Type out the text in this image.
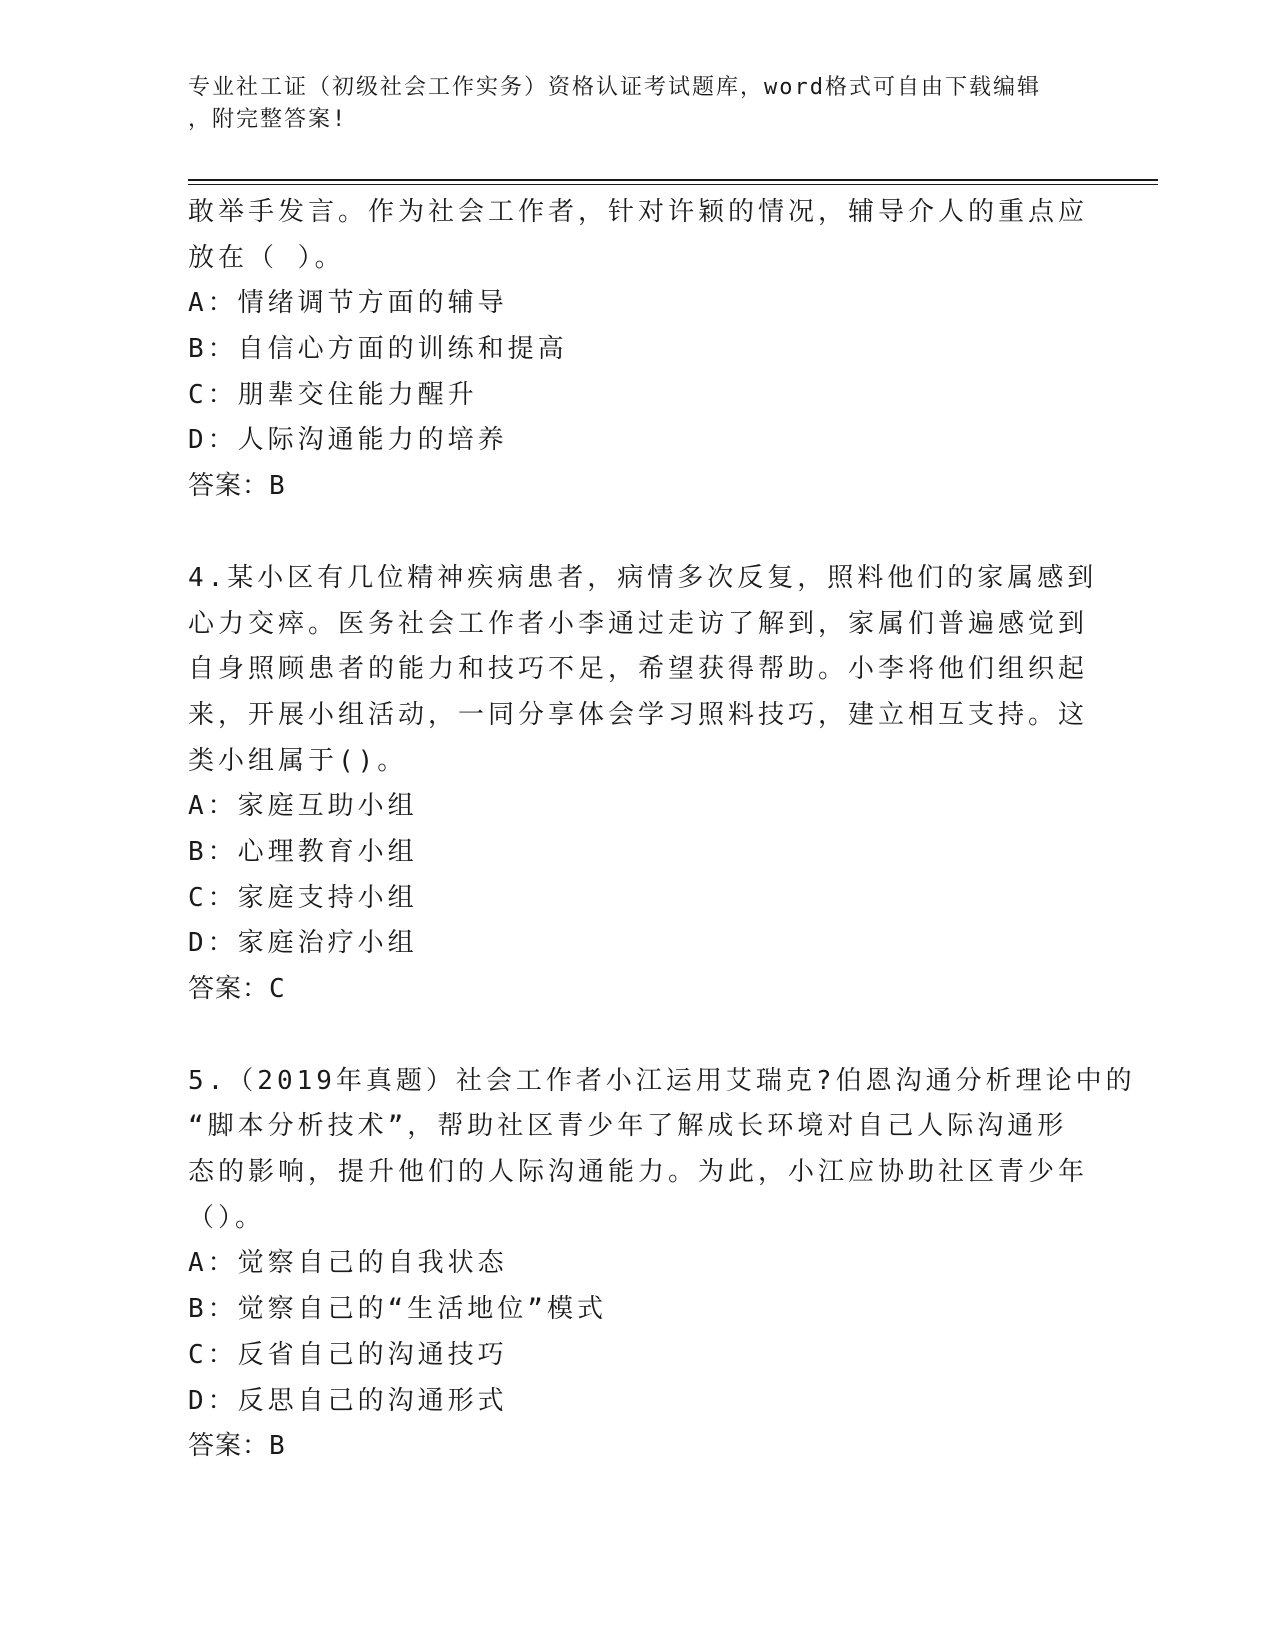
专业社工证（初级社会工作实务）资格认证考试题库，word格式可自由下载编辑
，附完整答案!
敢举手发言。作为社会工作者，针对许颖的情况，辅导介人的重点应
放在（ ）。
A：情绪调节方面的辅导
B：自信心方面的训练和提高
C：朋辈交住能力醒升
D：人际沟通能力的培养
答案：B
4.某小区有几位精神疾病患者，病情多次反复，照料他们的家属感到
心力交瘁。医务社会工作者小李通过走访了解到，家属们普遍感觉到
自身照顾患者的能力和技巧不足，希望获得帮助。小李将他们组织起
来，开展小组活动，一同分享体会学习照料技巧，建立相互支持。这
类小组属于()。
A：家庭互助小组
B：心理教育小组
C：家庭支持小组
D：家庭治疗小组
答案：C
5.（2019年真题）社会工作者小江运用艾瑞克?伯恩沟通分析理论中的
“脚本分析技术”，帮助社区青少年了解成长环境对自己人际沟通形
态的影响，提升他们的人际沟通能力。为此，小江应协助社区青少年
（）。
A：觉察自己的自我状态
B：觉察自己的“生活地位”模式
C：反省自己的沟通技巧
D：反思自己的沟通形式
答案：B
